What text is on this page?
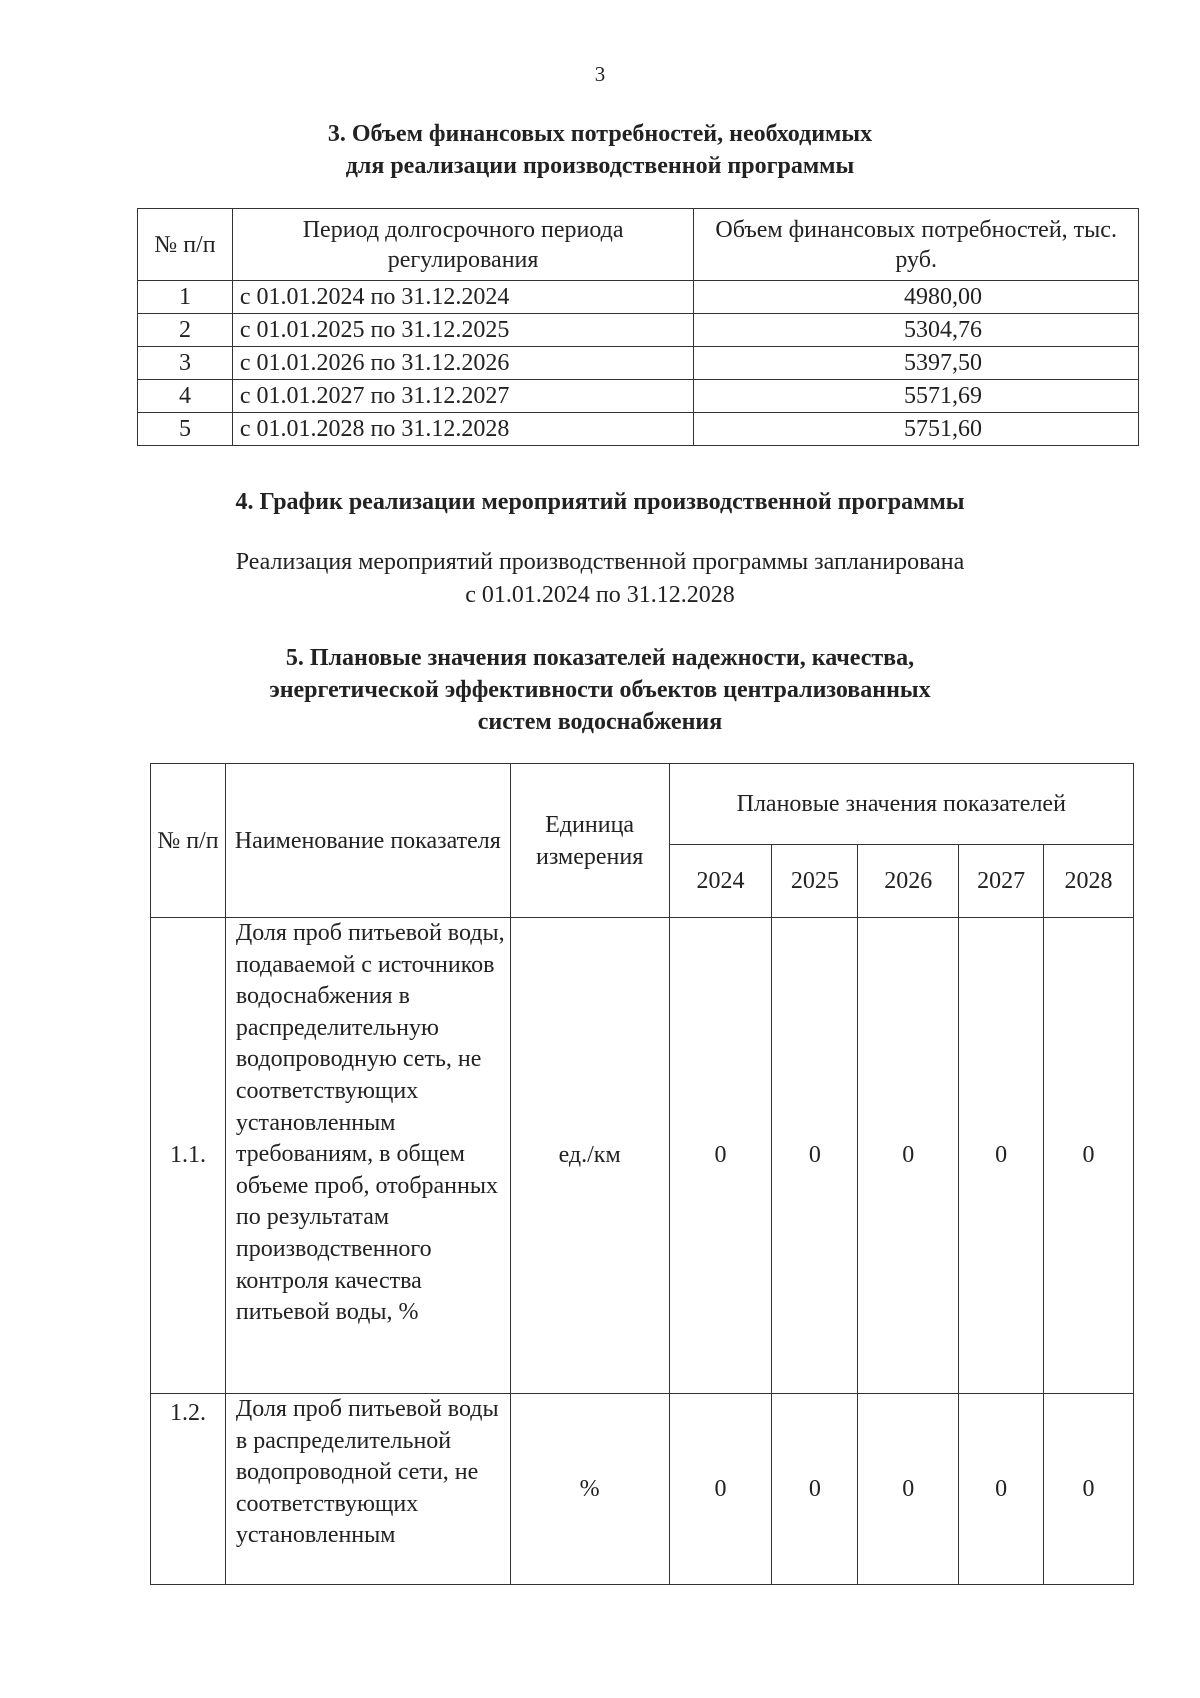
3
3. Объем финансовых потребностей, необходимых
для реализации производственной программы
№ п/п	Период долгосрочного периода регулирования	Объем финансовых потребностей, тыс. руб.
1	с 01.01.2024 по 31.12.2024	4980,00
2	с 01.01.2025 по 31.12.2025	5304,76
3	с 01.01.2026 по 31.12.2026	5397,50
4	с 01.01.2027 по 31.12.2027	5571,69
5	с 01.01.2028 по 31.12.2028	5751,60
4. График реализации мероприятий производственной программы
Реализация мероприятий производственной программы запланирована
с 01.01.2024 по 31.12.2028
5. Плановые значения показателей надежности, качества,
энергетической эффективности объектов централизованных
систем водоснабжения
№ п/п	Наименование показателя	Единица измерения	Плановые значения показателей				
			2024	2025	2026	2027	2028
1.1.	Доля проб питьевой воды, подаваемой с источников водоснабжения в распределительную водопроводную сеть, не соответствующих установленным требованиям, в общем объеме проб, отобранных по результатам производственного контроля качества питьевой воды, %	ед./км	0	0	0	0	0
1.2.	Доля проб питьевой воды в распределительной водопроводной сети, не соответствующих установленным	%	0	0	0	0	0
